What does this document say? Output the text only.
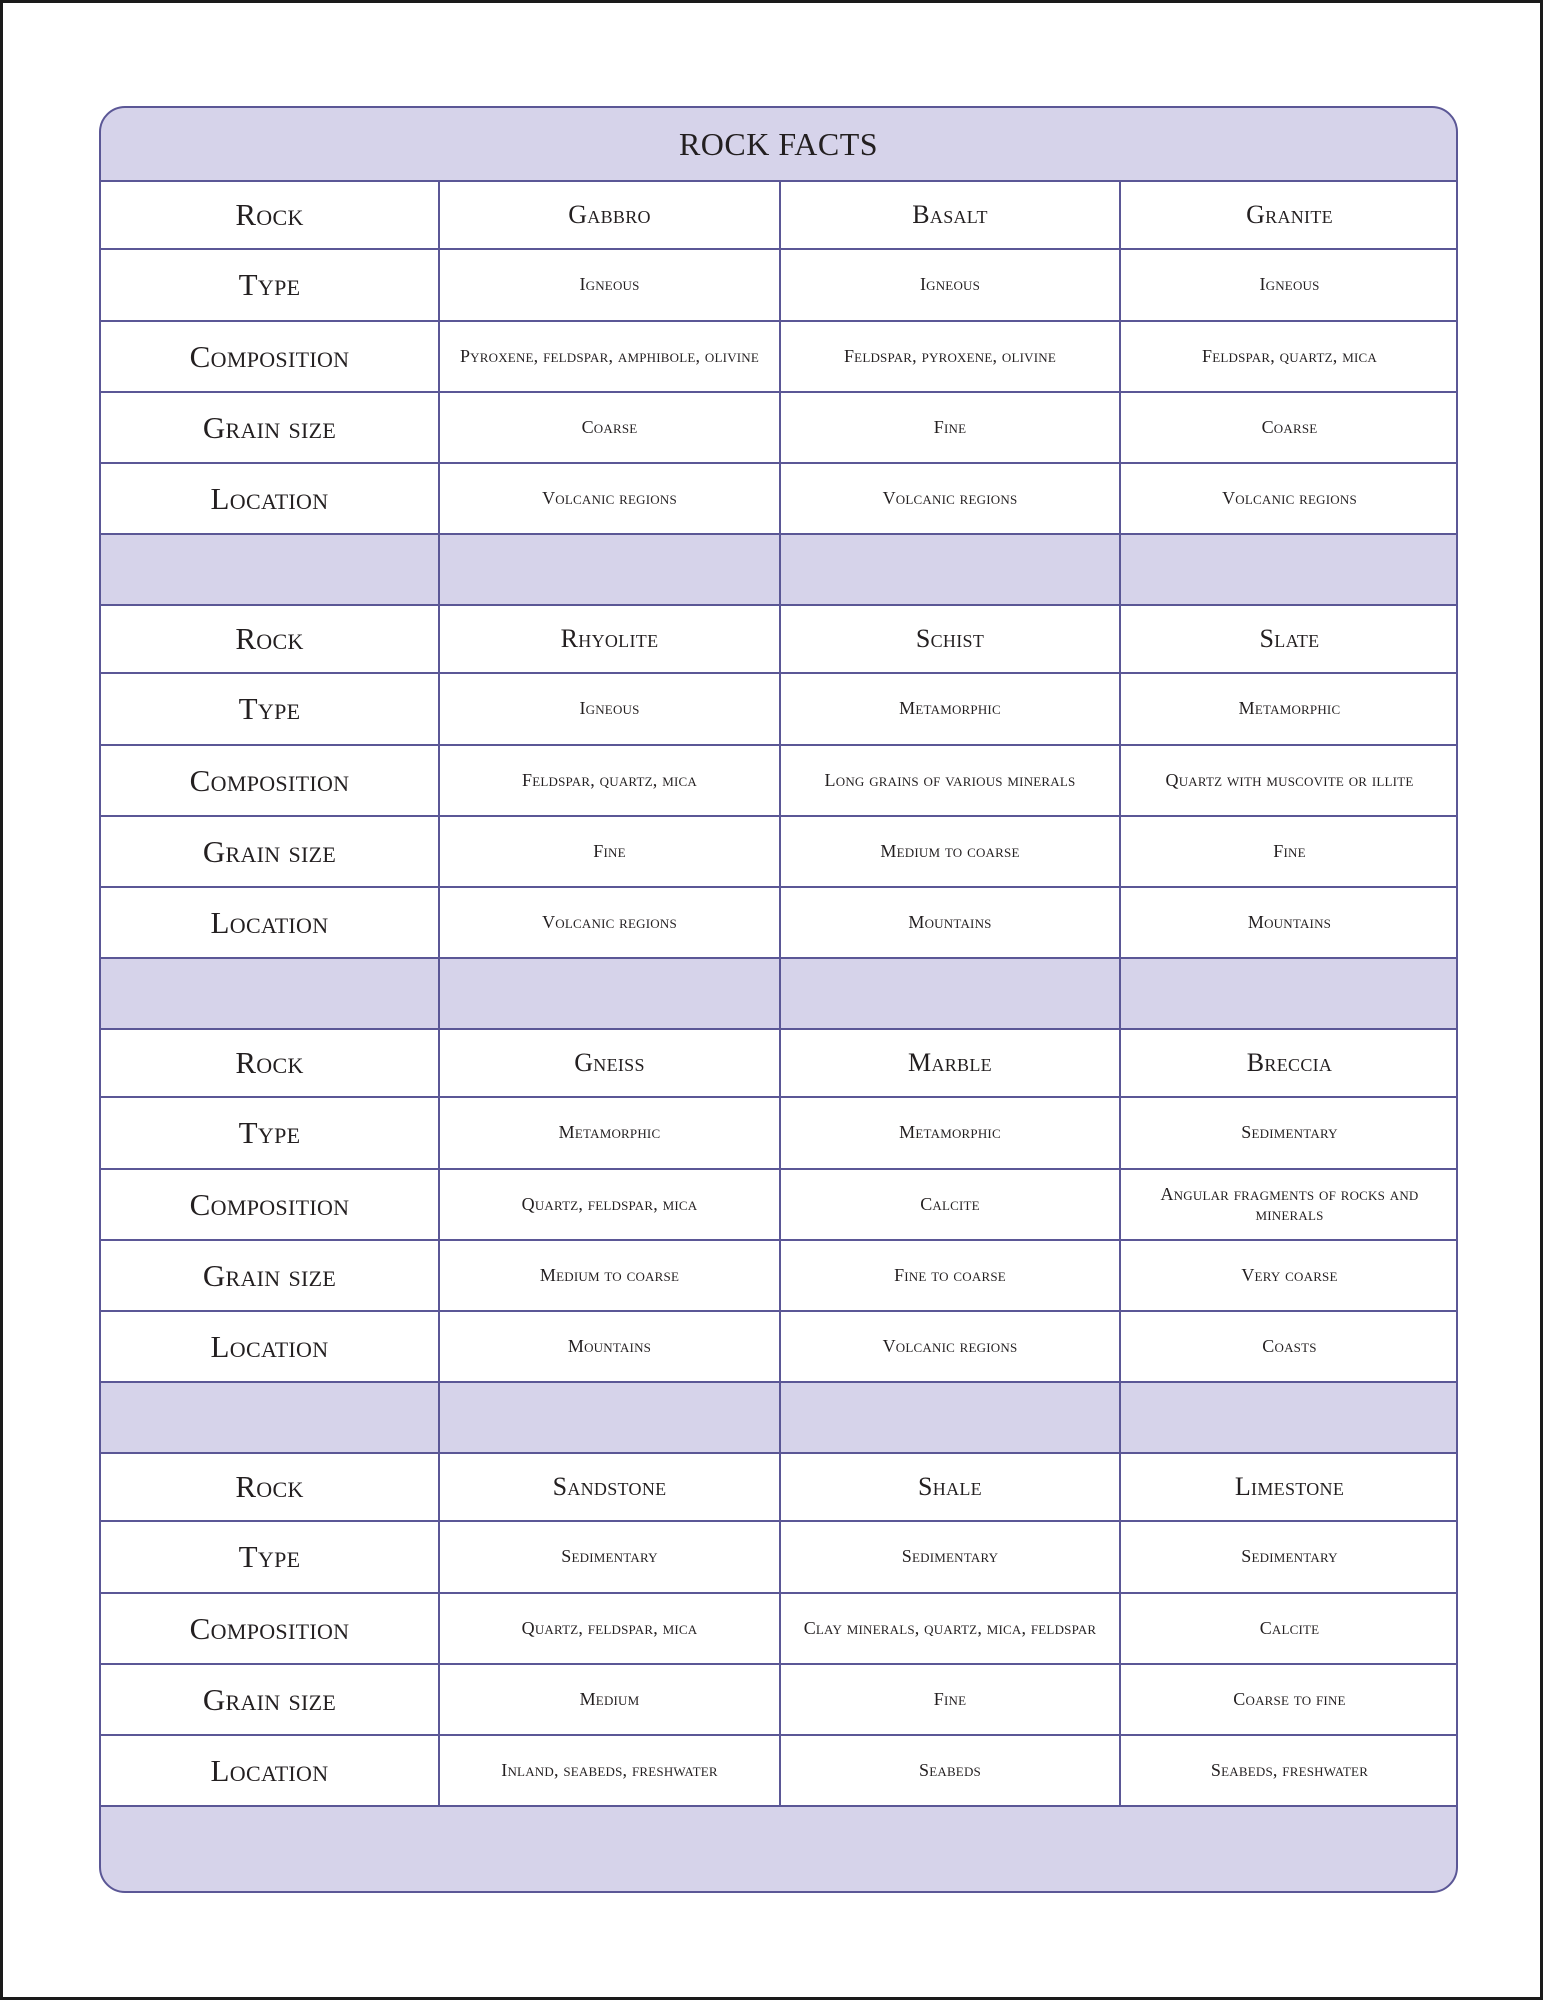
ROCK FACTS
Rock	Gabbro	Basalt	Granite
Type	Igneous	Igneous	Igneous
Composition	Pyroxene, feldspar, amphibole, olivine	Feldspar, pyroxene, olivine	Feldspar, quartz, mica
Grain size	Coarse	Fine	Coarse
Location	Volcanic regions	Volcanic regions	Volcanic regions

Rock	Rhyolite	Schist	Slate
Type	Igneous	Metamorphic	Metamorphic
Composition	Feldspar, quartz, mica	Long grains of various minerals	Quartz with muscovite or illite
Grain size	Fine	Medium to coarse	Fine
Location	Volcanic regions	Mountains	Mountains

Rock	Gneiss	Marble	Breccia
Type	Metamorphic	Metamorphic	Sedimentary
Composition	Quartz, feldspar, mica	Calcite	Angular fragments of rocks and minerals
Grain size	Medium to coarse	Fine to coarse	Very coarse
Location	Mountains	Volcanic regions	Coasts

Rock	Sandstone	Shale	Limestone
Type	Sedimentary	Sedimentary	Sedimentary
Composition	Quartz, feldspar, mica	Clay minerals, quartz, mica, feldspar	Calcite
Grain size	Medium	Fine	Coarse to fine
Location	Inland, seabeds, freshwater	Seabeds	Seabeds, freshwater
